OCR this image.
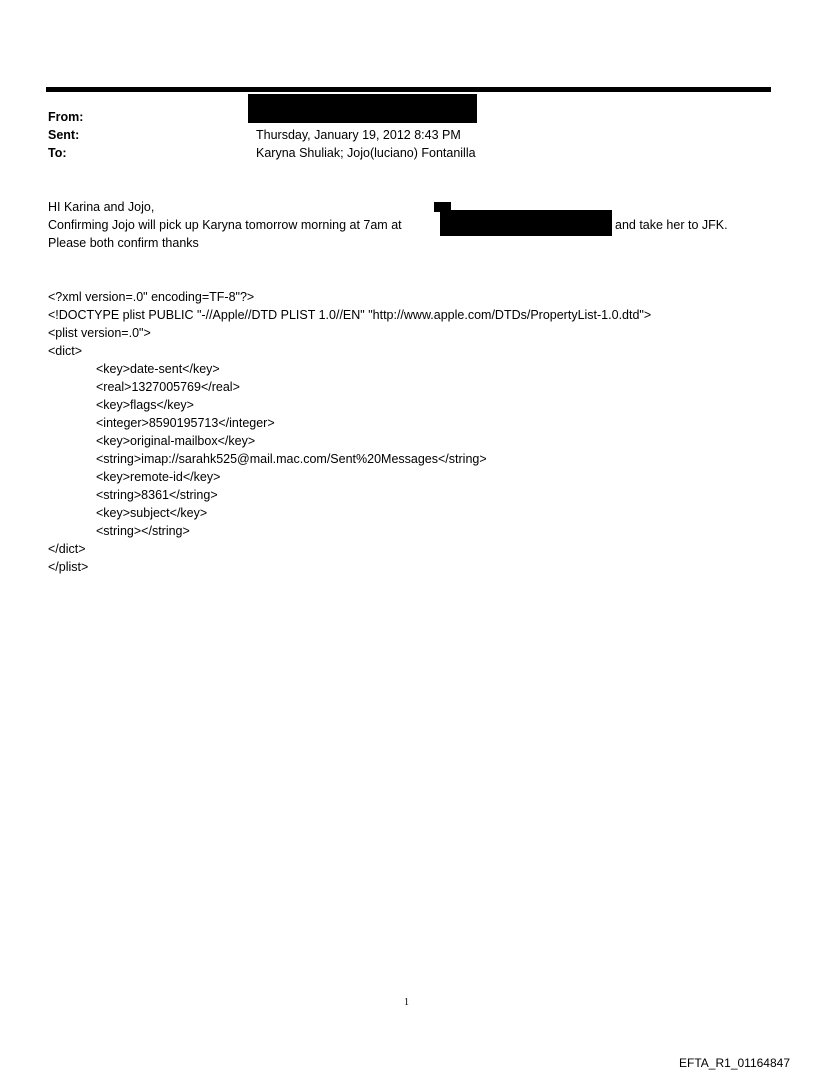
From:
Sent:	Thursday, January 19, 2012 8:43 PM
To:	Karyna Shuliak; Jojo(luciano) Fontanilla
HI Karina and Jojo,
Confirming Jojo will pick up Karyna tomorrow morning at 7am at	and take her to JFK.
Please both confirm thanks
<?xml version=.0" encoding=TF-8"?>
<!DOCTYPE plist PUBLIC "-//Apple//DTD PLIST 1.0//EN" "http://www.apple.com/DTDs/PropertyList-1.0.dtd">
<plist version=.0">
<dict>
<key>date-sent</key>
<real>1327005769</real>
<key>flags</key>
<integer>8590195713</integer>
<key>original-mailbox</key>
<string>imap://sarahk525@mail.mac.com/Sent%20Messages</string>
<key>remote-id</key>
<string>8361</string>
<key>subject</key>
<string></string>
</dict>
</plist>
1
EFTA_R1_01164847
